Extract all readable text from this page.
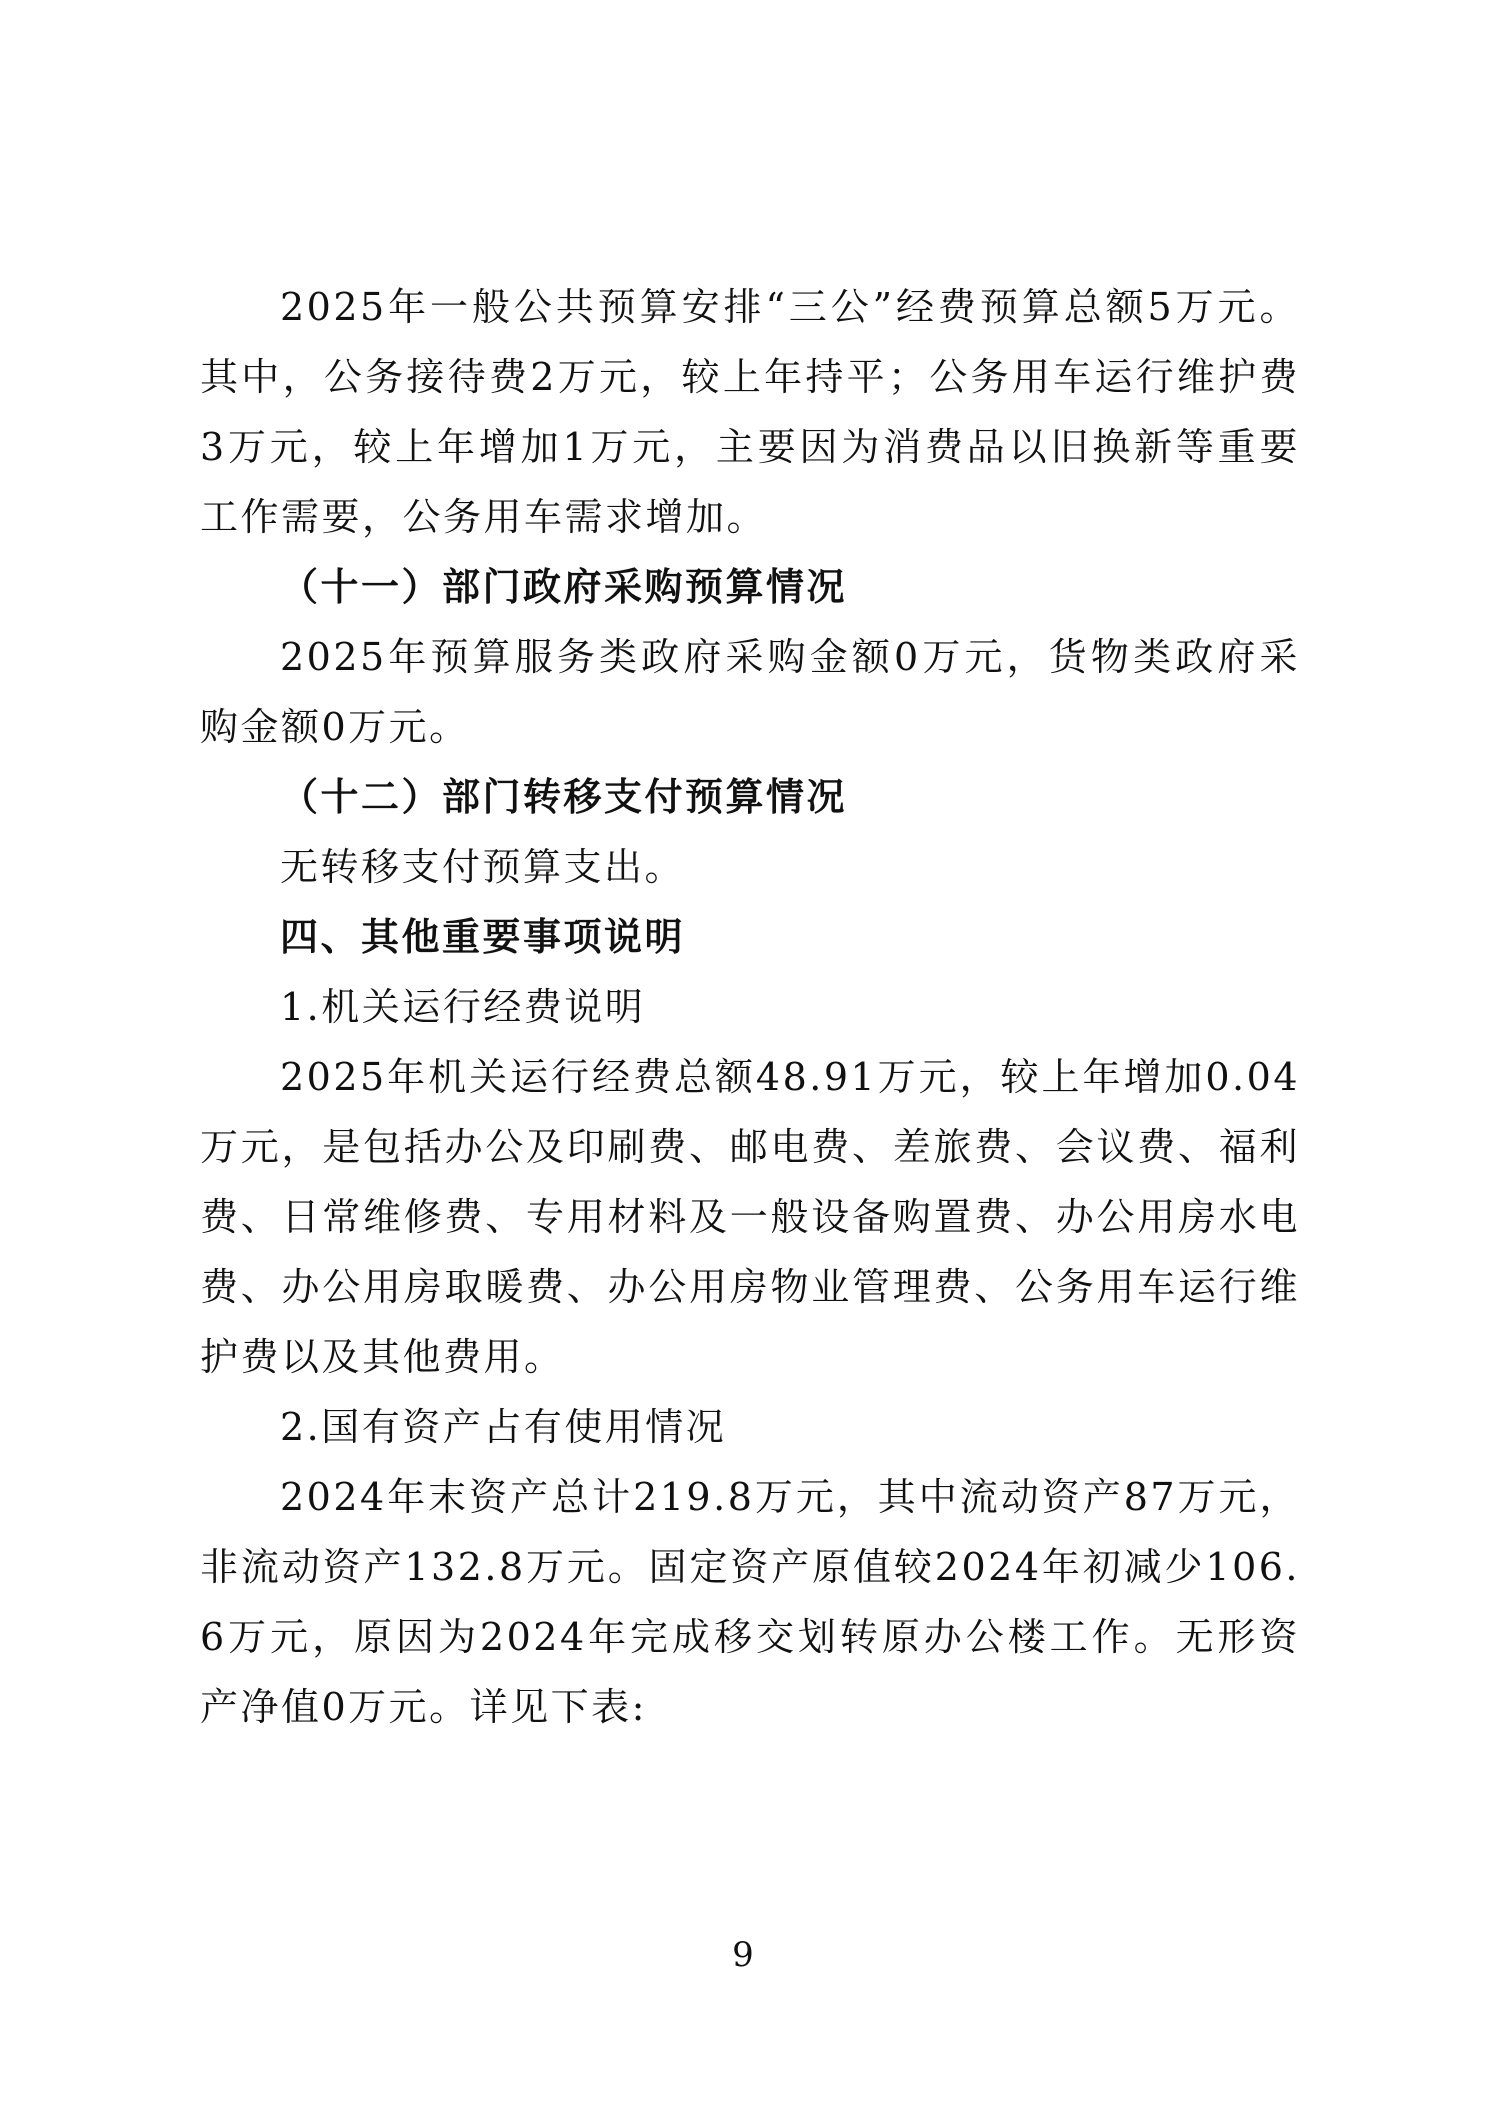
2025年一般公共预算安排“三公”经费预算总额5万元。其中，公务接待费2万元，较上年持平；公务用车运行维护费3万元，较上年增加1万元，主要因为消费品以旧换新等重要工作需要，公务用车需求增加。

（十一）部门政府采购预算情况

2025年预算服务类政府采购金额0万元，货物类政府采购金额0万元。

（十二）部门转移支付预算情况

无转移支付预算支出。

四、其他重要事项说明

1.机关运行经费说明

2025年机关运行经费总额48.91万元，较上年增加0.04万元，是包括办公及印刷费、邮电费、差旅费、会议费、福利费、日常维修费、专用材料及一般设备购置费、办公用房水电费、办公用房取暖费、办公用房物业管理费、公务用车运行维护费以及其他费用。

2.国有资产占有使用情况

2024年末资产总计219.8万元，其中流动资产87万元，非流动资产132.8万元。固定资产原值较2024年初减少106.6万元，原因为2024年完成移交划转原办公楼工作。无形资产净值0万元。详见下表:

9
